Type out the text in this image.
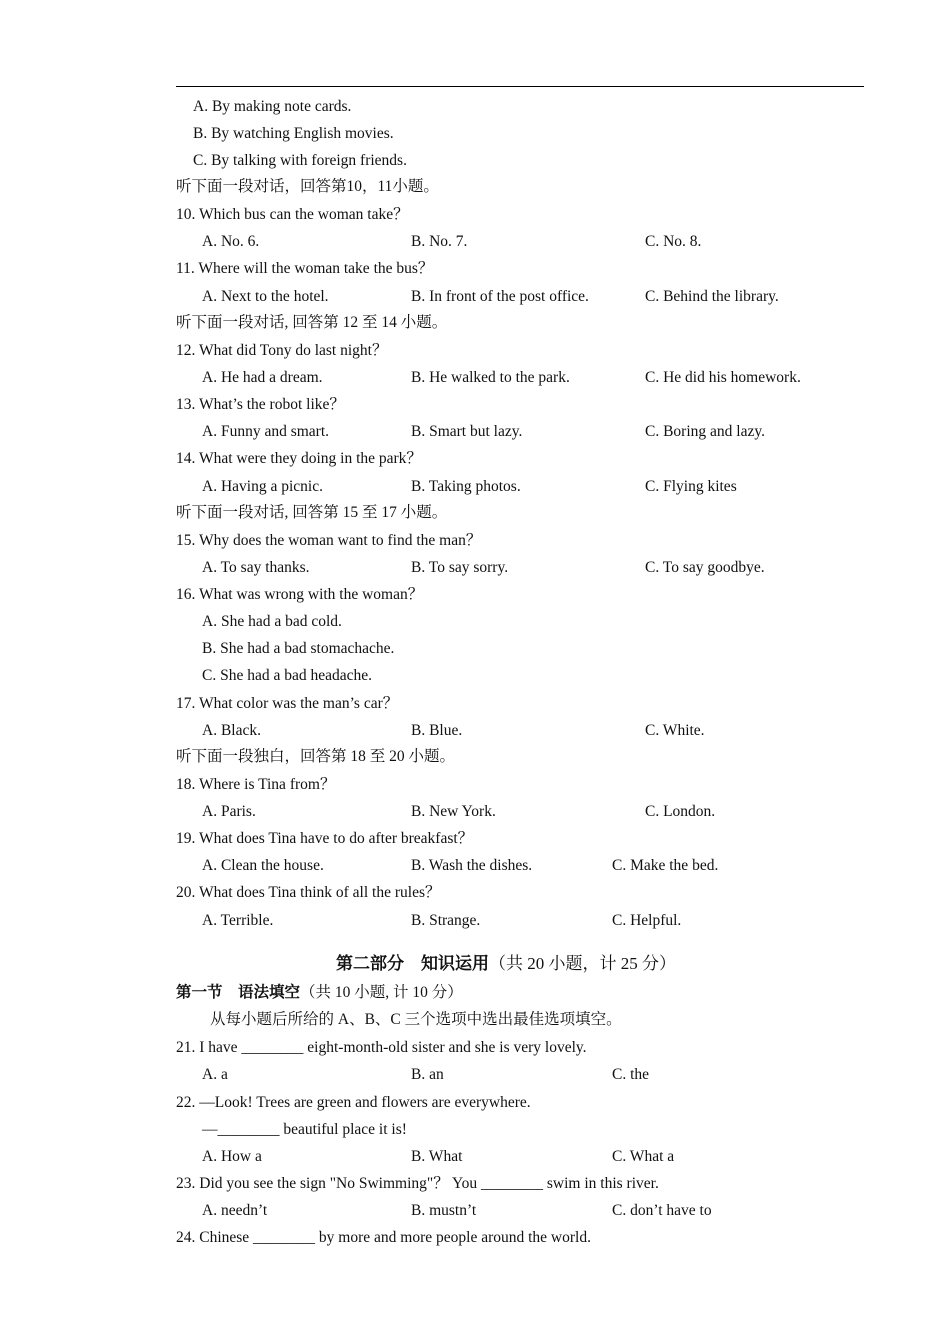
A. By making note cards.
B. By watching English movies.
C. By talking with foreign friends.
听下面一段对话，回答第10，11小题。
10. Which bus can the woman take？
A. No. 6.	B. No. 7.	C. No. 8.
11. Where will the woman take the bus？
A. Next to the hotel.	B. In front of the post office.	C. Behind the library.
听下面一段对话, 回答第 12 至 14 小题。
12. What did Tony do last night？
A. He had a dream.	B. He walked to the park.	C. He did his homework.
13. What’s the robot like？
A. Funny and smart.	B. Smart but lazy.	C. Boring and lazy.
14. What were they doing in the park？
A. Having a picnic.	B. Taking photos.	C. Flying kites
听下面一段对话, 回答第 15 至 17 小题。
15. Why does the woman want to find the man？
A. To say thanks.	B. To say sorry.	C. To say goodbye.
16. What was wrong with the woman？
A. She had a bad cold.
B. She had a bad stomachache.
C. She had a bad headache.
17. What color was the man’s car？
A. Black.	B. Blue.	C. White.
听下面一段独白，回答第 18 至 20 小题。
18. Where is Tina from？
A. Paris.	B. New York.	C. London.
19. What does Tina have to do after breakfast？
A. Clean the house.	B. Wash the dishes.	C. Make the bed.
20. What does Tina think of all the rules？
A. Terrible.	B. Strange.	C. Helpful.
第二部分　知识运用（共 20 小题，计 25 分）
第一节　语法填空（共 10 小题, 计 10 分）
从每小题后所给的 A、B、C 三个选项中选出最佳选项填空。
21. I have ________ eight-month-old sister and she is very lovely.
A. a	B. an	C. the
22. —Look! Trees are green and flowers are everywhere.
—________ beautiful place it is!
A. How a	B. What	C. What a
23. Did you see the sign "No Swimming"？ You ________ swim in this river.
A. needn’t	B. mustn’t	C. don’t have to
24. Chinese ________ by more and more people around the world.
